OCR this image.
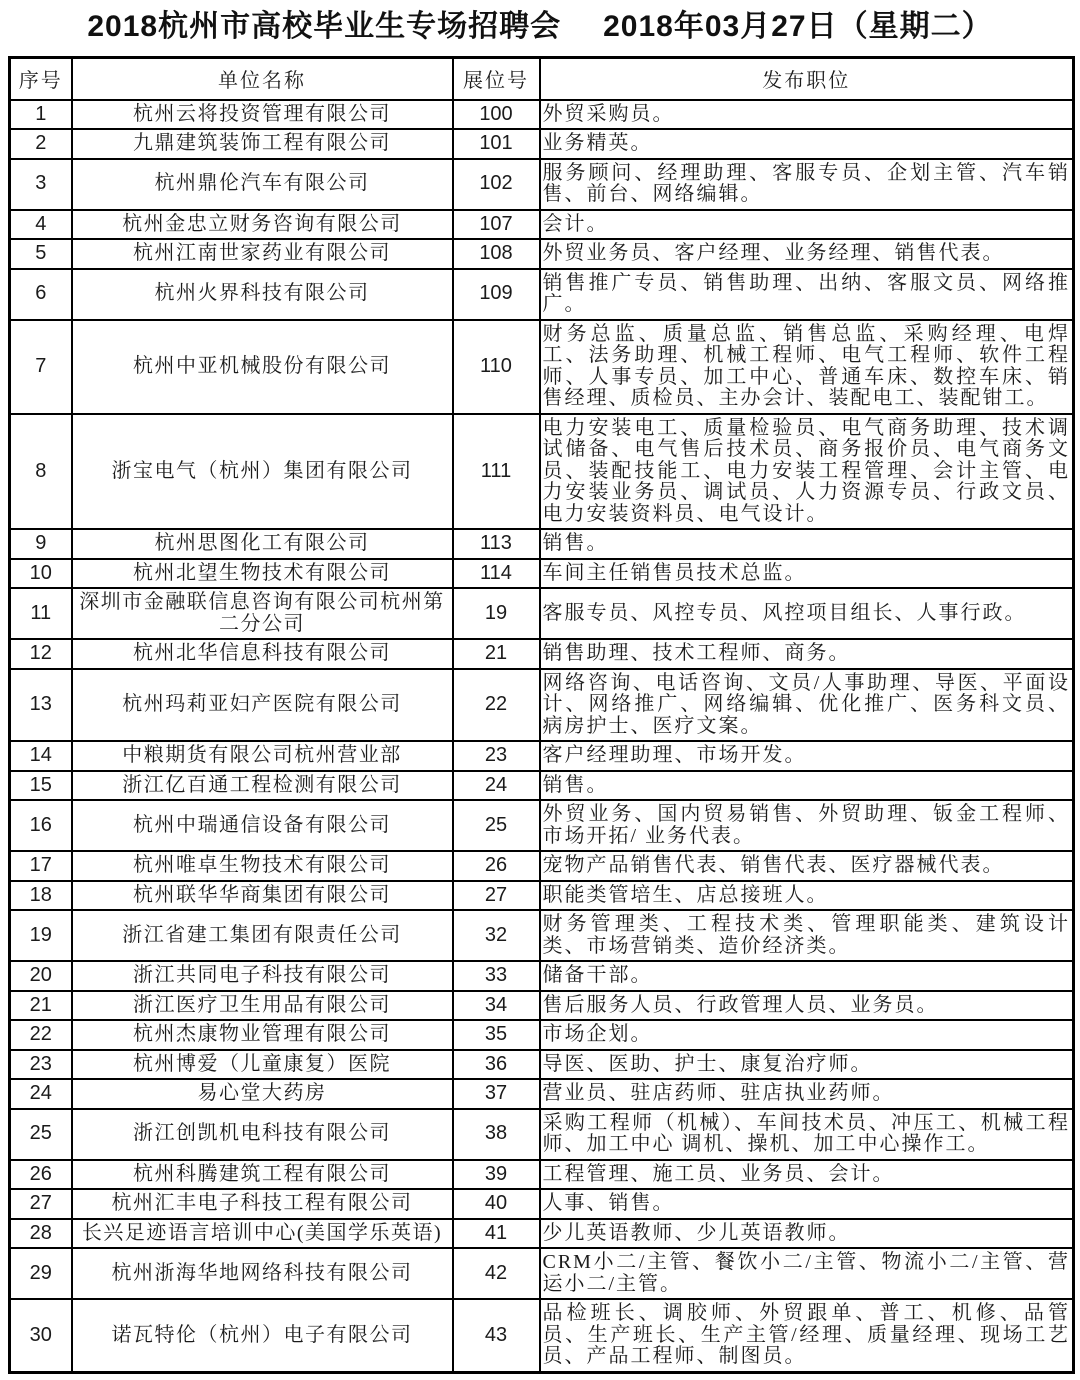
2018杭州市高校毕业生专场招聘会 2018年03月27日（星期二）
序号	单位名称	展位号	发布职位
1	杭州云将投资管理有限公司	100	外贸采购员。
2	九鼎建筑装饰工程有限公司	101	业务精英。
3	杭州鼎伦汽车有限公司	102	服务顾问、经理助理、客服专员、企划主管、汽车销售、前台、网络编辑。
4	杭州金忠立财务咨询有限公司	107	会计。
5	杭州江南世家药业有限公司	108	外贸业务员、客户经理、业务经理、销售代表。
6	杭州火界科技有限公司	109	销售推广专员、销售助理、出纳、客服文员、网络推广。
7	杭州中亚机械股份有限公司	110	财务总监、质量总监、销售总监、采购经理、电焊工、法务助理、机械工程师、电气工程师、软件工程师、人事专员、加工中心、普通车床、数控车床、销售经理、质检员、主办会计、装配电工、装配钳工。
8	浙宝电气（杭州）集团有限公司	111	电力安装电工、质量检验员、电气商务助理、技术调试储备、电气售后技术员、商务报价员、电气商务文员、装配技能工、电力安装工程管理、会计主管、电力安装业务员、调试员、人力资源专员、行政文员、电力安装资料员、电气设计。
9	杭州思图化工有限公司	113	销售。
10	杭州北望生物技术有限公司	114	车间主任销售员技术总监。
11	深圳市金融联信息咨询有限公司杭州第二分公司	19	客服专员、风控专员、风控项目组长、人事行政。
12	杭州北华信息科技有限公司	21	销售助理、技术工程师、商务。
13	杭州玛莉亚妇产医院有限公司	22	网络咨询、电话咨询、文员/人事助理、导医、平面设计、网络推广、网络编辑、优化推广、医务科文员、病房护士、医疗文案。
14	中粮期货有限公司杭州营业部	23	客户经理助理、市场开发。
15	浙江亿百通工程检测有限公司	24	销售。
16	杭州中瑞通信设备有限公司	25	外贸业务、国内贸易销售、外贸助理、钣金工程师、市场开拓/ 业务代表。
17	杭州唯卓生物技术有限公司	26	宠物产品销售代表、销售代表、医疗器械代表。
18	杭州联华华商集团有限公司	27	职能类管培生、店总接班人。
19	浙江省建工集团有限责任公司	32	财务管理类、工程技术类、管理职能类、建筑设计类、市场营销类、造价经济类。
20	浙江共同电子科技有限公司	33	储备干部。
21	浙江医疗卫生用品有限公司	34	售后服务人员、行政管理人员、业务员。
22	杭州杰康物业管理有限公司	35	市场企划。
23	杭州博爱（儿童康复）医院	36	导医、医助、护士、康复治疗师。
24	易心堂大药房	37	营业员、驻店药师、驻店执业药师。
25	浙江创凯机电科技有限公司	38	采购工程师（机械）、车间技术员、冲压工、机械工程师、加工中心 调机、操机、加工中心操作工。
26	杭州科腾建筑工程有限公司	39	工程管理、施工员、业务员、会计。
27	杭州汇丰电子科技工程有限公司	40	人事、销售。
28	长兴足迹语言培训中心(美国学乐英语)	41	少儿英语教师、少儿英语教师。
29	杭州浙海华地网络科技有限公司	42	CRM小二/主管、餐饮小二/主管、物流小二/主管、营运小二/主管。
30	诺瓦特伦（杭州）电子有限公司	43	品检班长、调胶师、外贸跟单、普工、机修、品管员、生产班长、生产主管/经理、质量经理、现场工艺员、产品工程师、制图员。
